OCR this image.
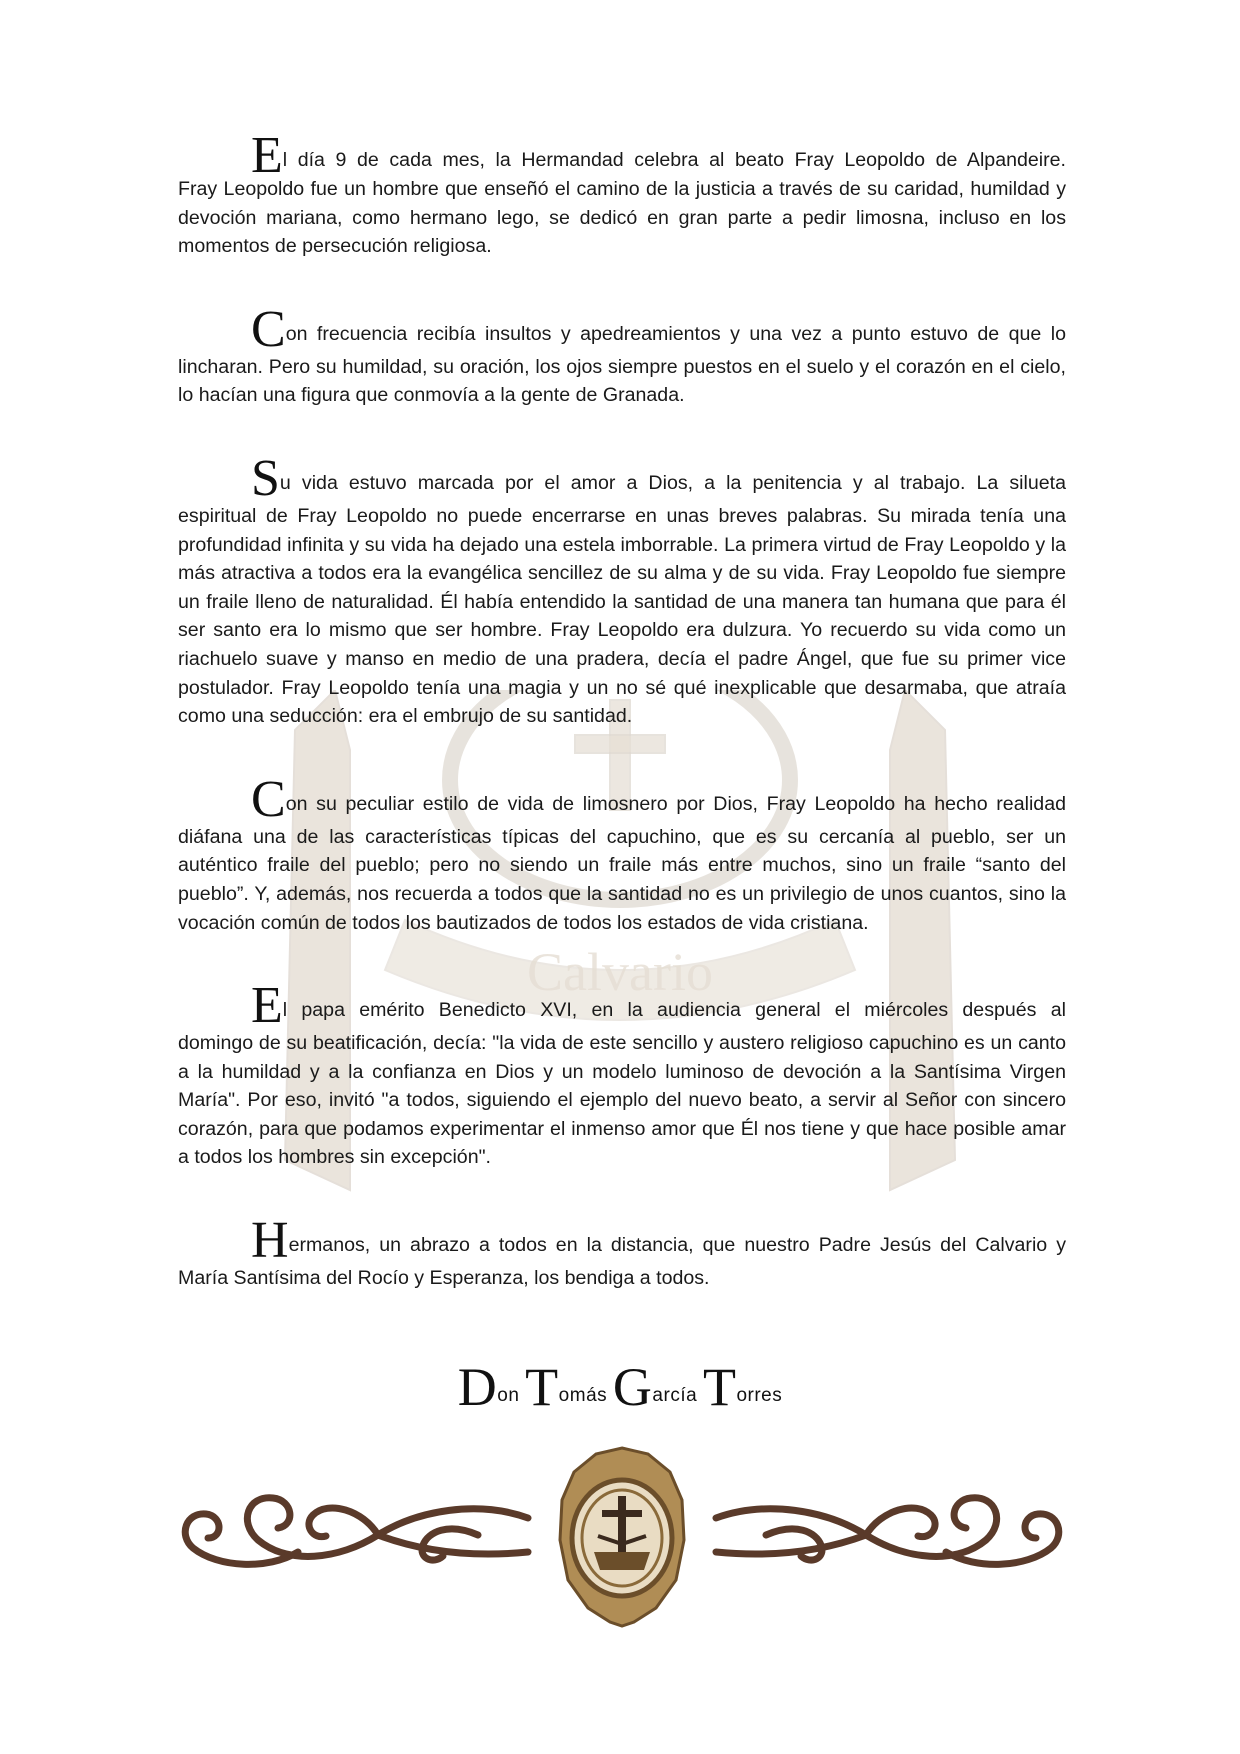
Calvario

El día 9 de cada mes, la Hermandad celebra al beato Fray Leopoldo de Alpandeire.
Fray Leopoldo fue un hombre que enseñó el camino de la justicia a través de su caridad, humildad y devoción mariana, como hermano lego, se dedicó en gran parte a pedir limosna, incluso en los momentos de persecución religiosa.

Con frecuencia recibía insultos y apedreamientos y una vez a punto estuvo de que lo
lincharan. Pero su humildad, su oración, los ojos siempre puestos en el suelo y el corazón en el cielo, lo hacían una figura que conmovía a la gente de Granada.

Su vida estuvo marcada por el amor a Dios, a la penitencia y al trabajo. La silueta
espiritual de Fray Leopoldo no puede encerrarse en unas breves palabras. Su mirada tenía una profundidad infinita y su vida ha dejado una estela imborrable. La primera virtud de Fray Leopoldo y la más atractiva a todos era la evangélica sencillez de su alma y de su vida. Fray Leopoldo fue siempre un fraile lleno de naturalidad. Él había entendido la santidad de una manera tan humana que para él ser santo era lo mismo que ser hombre. Fray Leopoldo era dulzura. Yo recuerdo su vida como un riachuelo suave y manso en medio de una pradera, decía el padre Ángel, que fue su primer vice postulador. Fray Leopoldo tenía una magia y un no sé qué inexplicable que desarmaba, que atraía como una seducción: era el embrujo de su santidad.

Con su peculiar estilo de vida de limosnero por Dios, Fray Leopoldo ha hecho realidad
diáfana una de las características típicas del capuchino, que es su cercanía al pueblo, ser un auténtico fraile del pueblo; pero no siendo un fraile más entre muchos, sino un fraile “santo del pueblo”. Y, además, nos recuerda a todos que la santidad no es un privilegio de unos cuantos, sino la vocación común de todos los bautizados de todos los estados de vida cristiana.

El papa emérito Benedicto XVI, en la audiencia general el miércoles después al
domingo de su beatificación, decía: "la vida de este sencillo y austero religioso capuchino es un canto a la humildad y a la confianza en Dios y un modelo luminoso de devoción a la Santísima Virgen María". Por eso, invitó "a todos, siguiendo el ejemplo del nuevo beato, a servir al Señor con sincero corazón, para que podamos experimentar el inmenso amor que Él nos tiene y que hace posible amar a todos los hombres sin excepción".

Hermanos, un abrazo a todos en la distancia, que nuestro Padre Jesús del Calvario y
María Santísima del Rocío y Esperanza, los bendiga a todos.

Don Tomás García Torres
